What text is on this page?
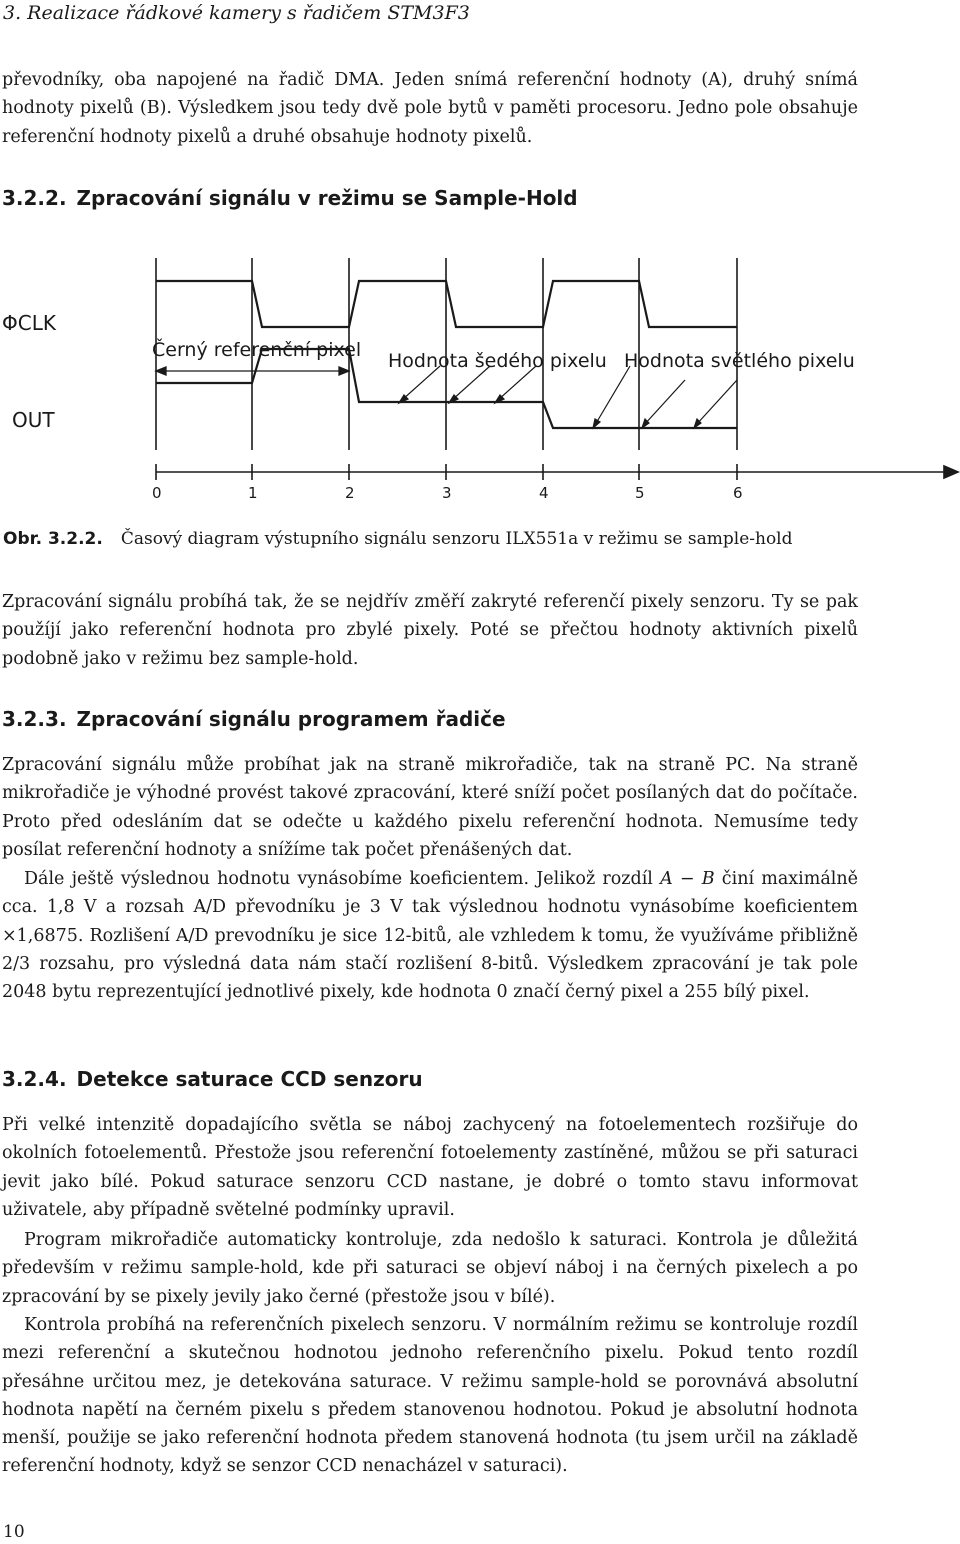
3. Realizace řádkové kamery s řadičem STM3F3

převodníky, oba napojené na řadič DMA. Jeden snímá referenční hodnoty (A), druhý snímá hodnoty pixelů (B). Výsledkem jsou tedy dvě pole bytů v paměti procesoru. Jedno pole obsahuje referenční hodnoty pixelů a druhé obsahuje hodnoty pixelů.

3.2.2. Zpracování signálu v režimu se Sample-Hold
ΦCLK
OUT
Černý referenční pixel Hodnota šedého pixelu Hodnota světlého pixelu
0	1	2	3	4	5	6
Obr. 3.2.2. Časový diagram výstupního signálu senzoru ILX551a v režimu se sample-hold

Zpracování signálu probíhá tak, že se nejdřív změří zakryté referenčí pixely senzoru. Ty se pak použíjí jako referenční hodnota pro zbylé pixely. Poté se přečtou hodnoty aktivních pixelů podobně jako v režimu bez sample-hold.

3.2.3. Zpracování signálu programem řadiče

Zpracování signálu může probíhat jak na straně mikrořadiče, tak na straně PC. Na straně mikrořadiče je výhodné provést takové zpracování, které sníží počet posílaných dat do počítače. Proto před odesláním dat se odečte u každého pixelu referenční hodnota. Nemusíme tedy posílat referenční hodnoty a snížíme tak počet přenášených dat.

Dále ještě výslednou hodnotu vynásobíme koeficientem. Jelikož rozdíl A − B činí maximálně cca. 1,8 V a rozsah A/D převodníku je 3 V tak výslednou hodnotu vynásobíme koeficientem ×1,6875. Rozlišení A/D prevodníku je sice 12-bitů, ale vzhledem k tomu, že využíváme přibližně 2/3 rozsahu, pro výsledná data nám stačí rozlišení 8-bitů. Výsledkem zpracování je tak pole 2048 bytu reprezentující jednotlivé pixely, kde hodnota 0 značí černý pixel a 255 bílý pixel.

3.2.4. Detekce saturace CCD senzoru

Při velké intenzitě dopadajícího světla se náboj zachycený na fotoelementech rozšiřuje do okolních fotoelementů. Přestože jsou referenční fotoelementy zastíněné, můžou se při saturaci jevit jako bílé. Pokud saturace senzoru CCD nastane, je dobré o tomto stavu informovat uživatele, aby případně světelné podmínky upravil.

Program mikrořadiče automaticky kontroluje, zda nedošlo k saturaci. Kontrola je důležitá především v režimu sample-hold, kde při saturaci se objeví náboj i na černých pixelech a po zpracování by se pixely jevily jako černé (přestože jsou v bílé).

Kontrola probíhá na referenčních pixelech senzoru. V normálním režimu se kontroluje rozdíl mezi referenční a skutečnou hodnotou jednoho referenčního pixelu. Pokud tento rozdíl přesáhne určitou mez, je detekována saturace. V režimu sample-hold se porovnává absolutní hodnota napětí na černém pixelu s předem stanovenou hodnotou. Pokud je absolutní hodnota menší, použije se jako referenční hodnota předem stanovená hodnota (tu jsem určil na základě referenční hodnoty, když se senzor CCD nenacházel v saturaci).

10
